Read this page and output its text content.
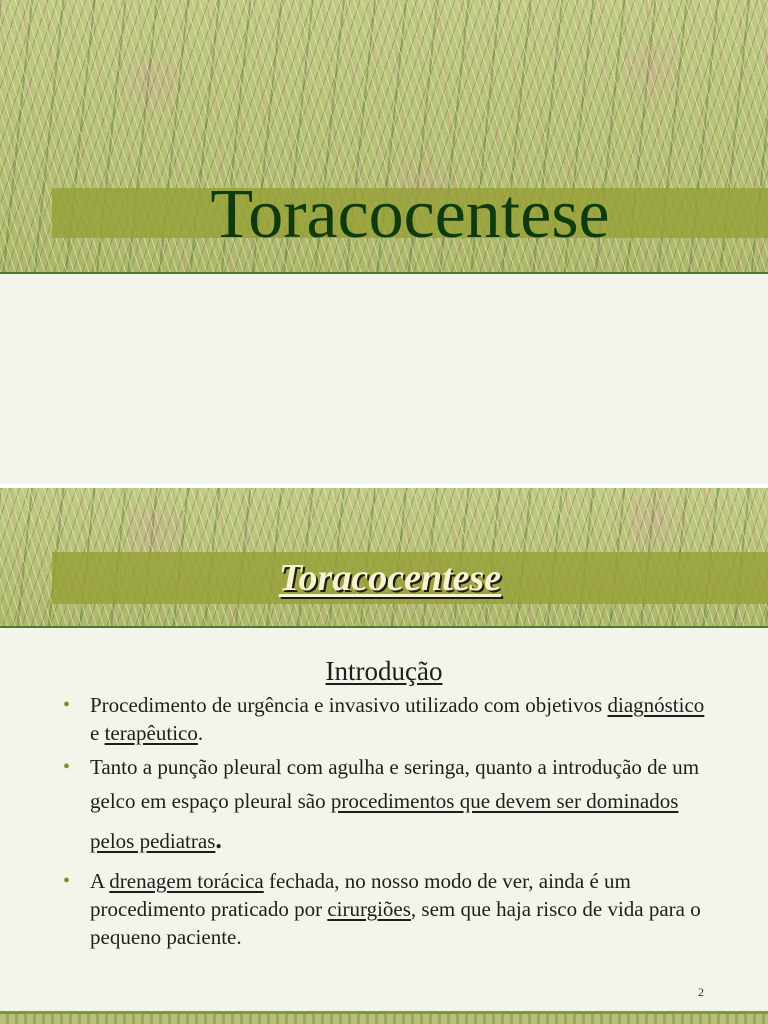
Toracocentese
Toracocentese
Introdução
• Procedimento de urgência e invasivo utilizado com objetivos diagnóstico e terapêutico.
• Tanto a punção pleural com agulha e seringa, quanto a introdução de um gelco em espaço pleural são procedimentos que devem ser dominados pelos pediatras.
• A drenagem torácica fechada, no nosso modo de ver, ainda é um procedimento praticado por cirurgiões, sem que haja risco de vida para o pequeno paciente.
2
